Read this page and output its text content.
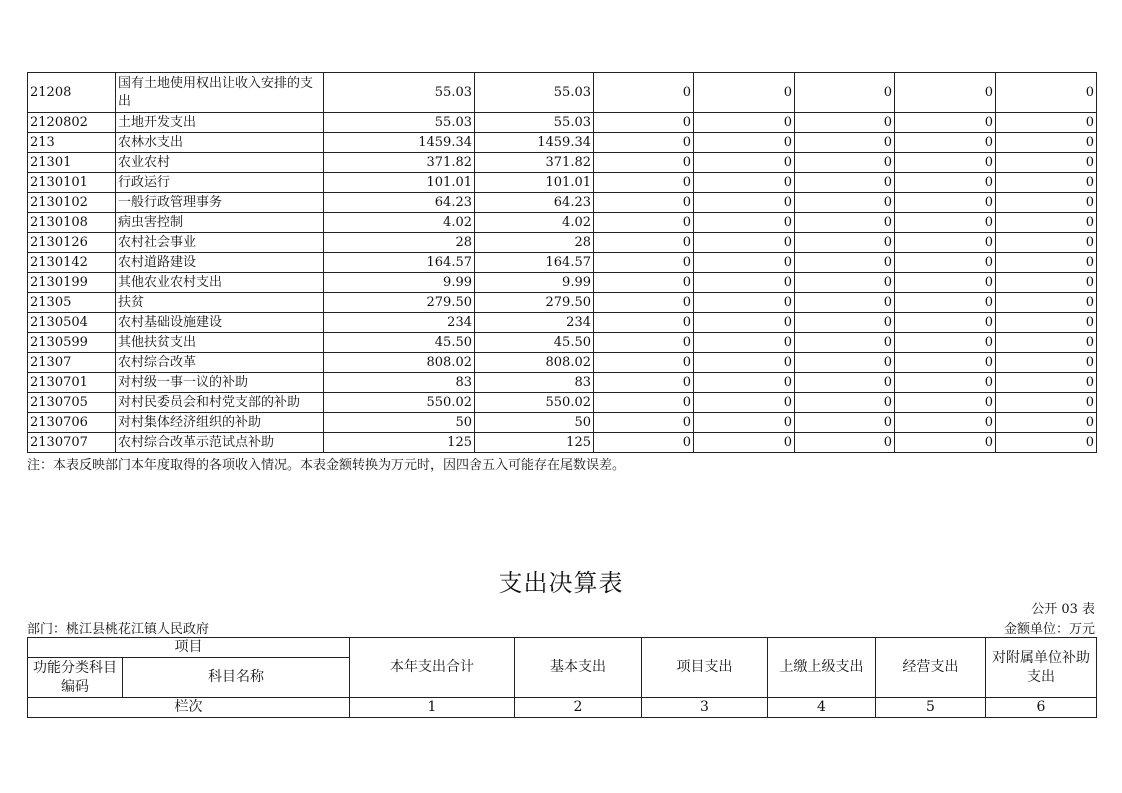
21208	国有土地使用权出让收入安排的支出	55.03	55.03	0	0	0	0	0
2120802	土地开发支出	55.03	55.03	0	0	0	0	0
213	农林水支出	1459.34	1459.34	0	0	0	0	0
21301	农业农村	371.82	371.82	0	0	0	0	0
2130101	行政运行	101.01	101.01	0	0	0	0	0
2130102	一般行政管理事务	64.23	64.23	0	0	0	0	0
2130108	病虫害控制	4.02	4.02	0	0	0	0	0
2130126	农村社会事业	28	28	0	0	0	0	0
2130142	农村道路建设	164.57	164.57	0	0	0	0	0
2130199	其他农业农村支出	9.99	9.99	0	0	0	0	0
21305	扶贫	279.50	279.50	0	0	0	0	0
2130504	农村基础设施建设	234	234	0	0	0	0	0
2130599	其他扶贫支出	45.50	45.50	0	0	0	0	0
21307	农村综合改革	808.02	808.02	0	0	0	0	0
2130701	对村级一事一议的补助	83	83	0	0	0	0	0
2130705	对村民委员会和村党支部的补助	550.02	550.02	0	0	0	0	0
2130706	对村集体经济组织的补助	50	50	0	0	0	0	0
2130707	农村综合改革示范试点补助	125	125	0	0	0	0	0
注：本表反映部门本年度取得的各项收入情况。本表金额转换为万元时，因四舍五入可能存在尾数误差。
支出决算表
公开 03 表
部门：桃江县桃花江镇人民政府	金额单位：万元
项目		本年支出合计	基本支出	项目支出	上缴上级支出	经营支出	对附属单位补助支出
功能分类科目编码	科目名称						
栏次		1	2	3	4	5	6
